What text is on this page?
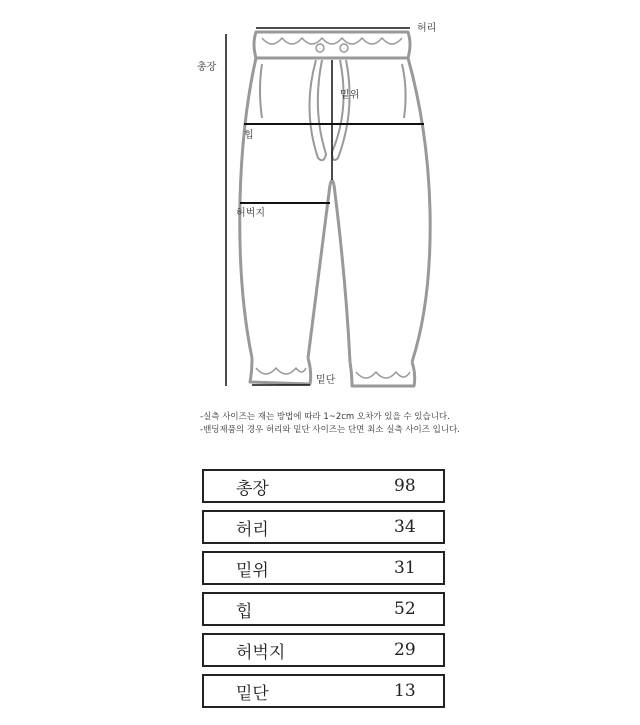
허리
총장
밑위
힙
허벅지
밑단
-실측 사이즈는 재는 방법에 따라 1~2cm 오차가 있을 수 있습니다.
-밴딩제품의 경우 허리와 밑단 사이즈는 단면 최소 실측 사이즈 입니다.
총장	98
허리	34
밑위	31
힙	52
허벅지	29
밑단	13
